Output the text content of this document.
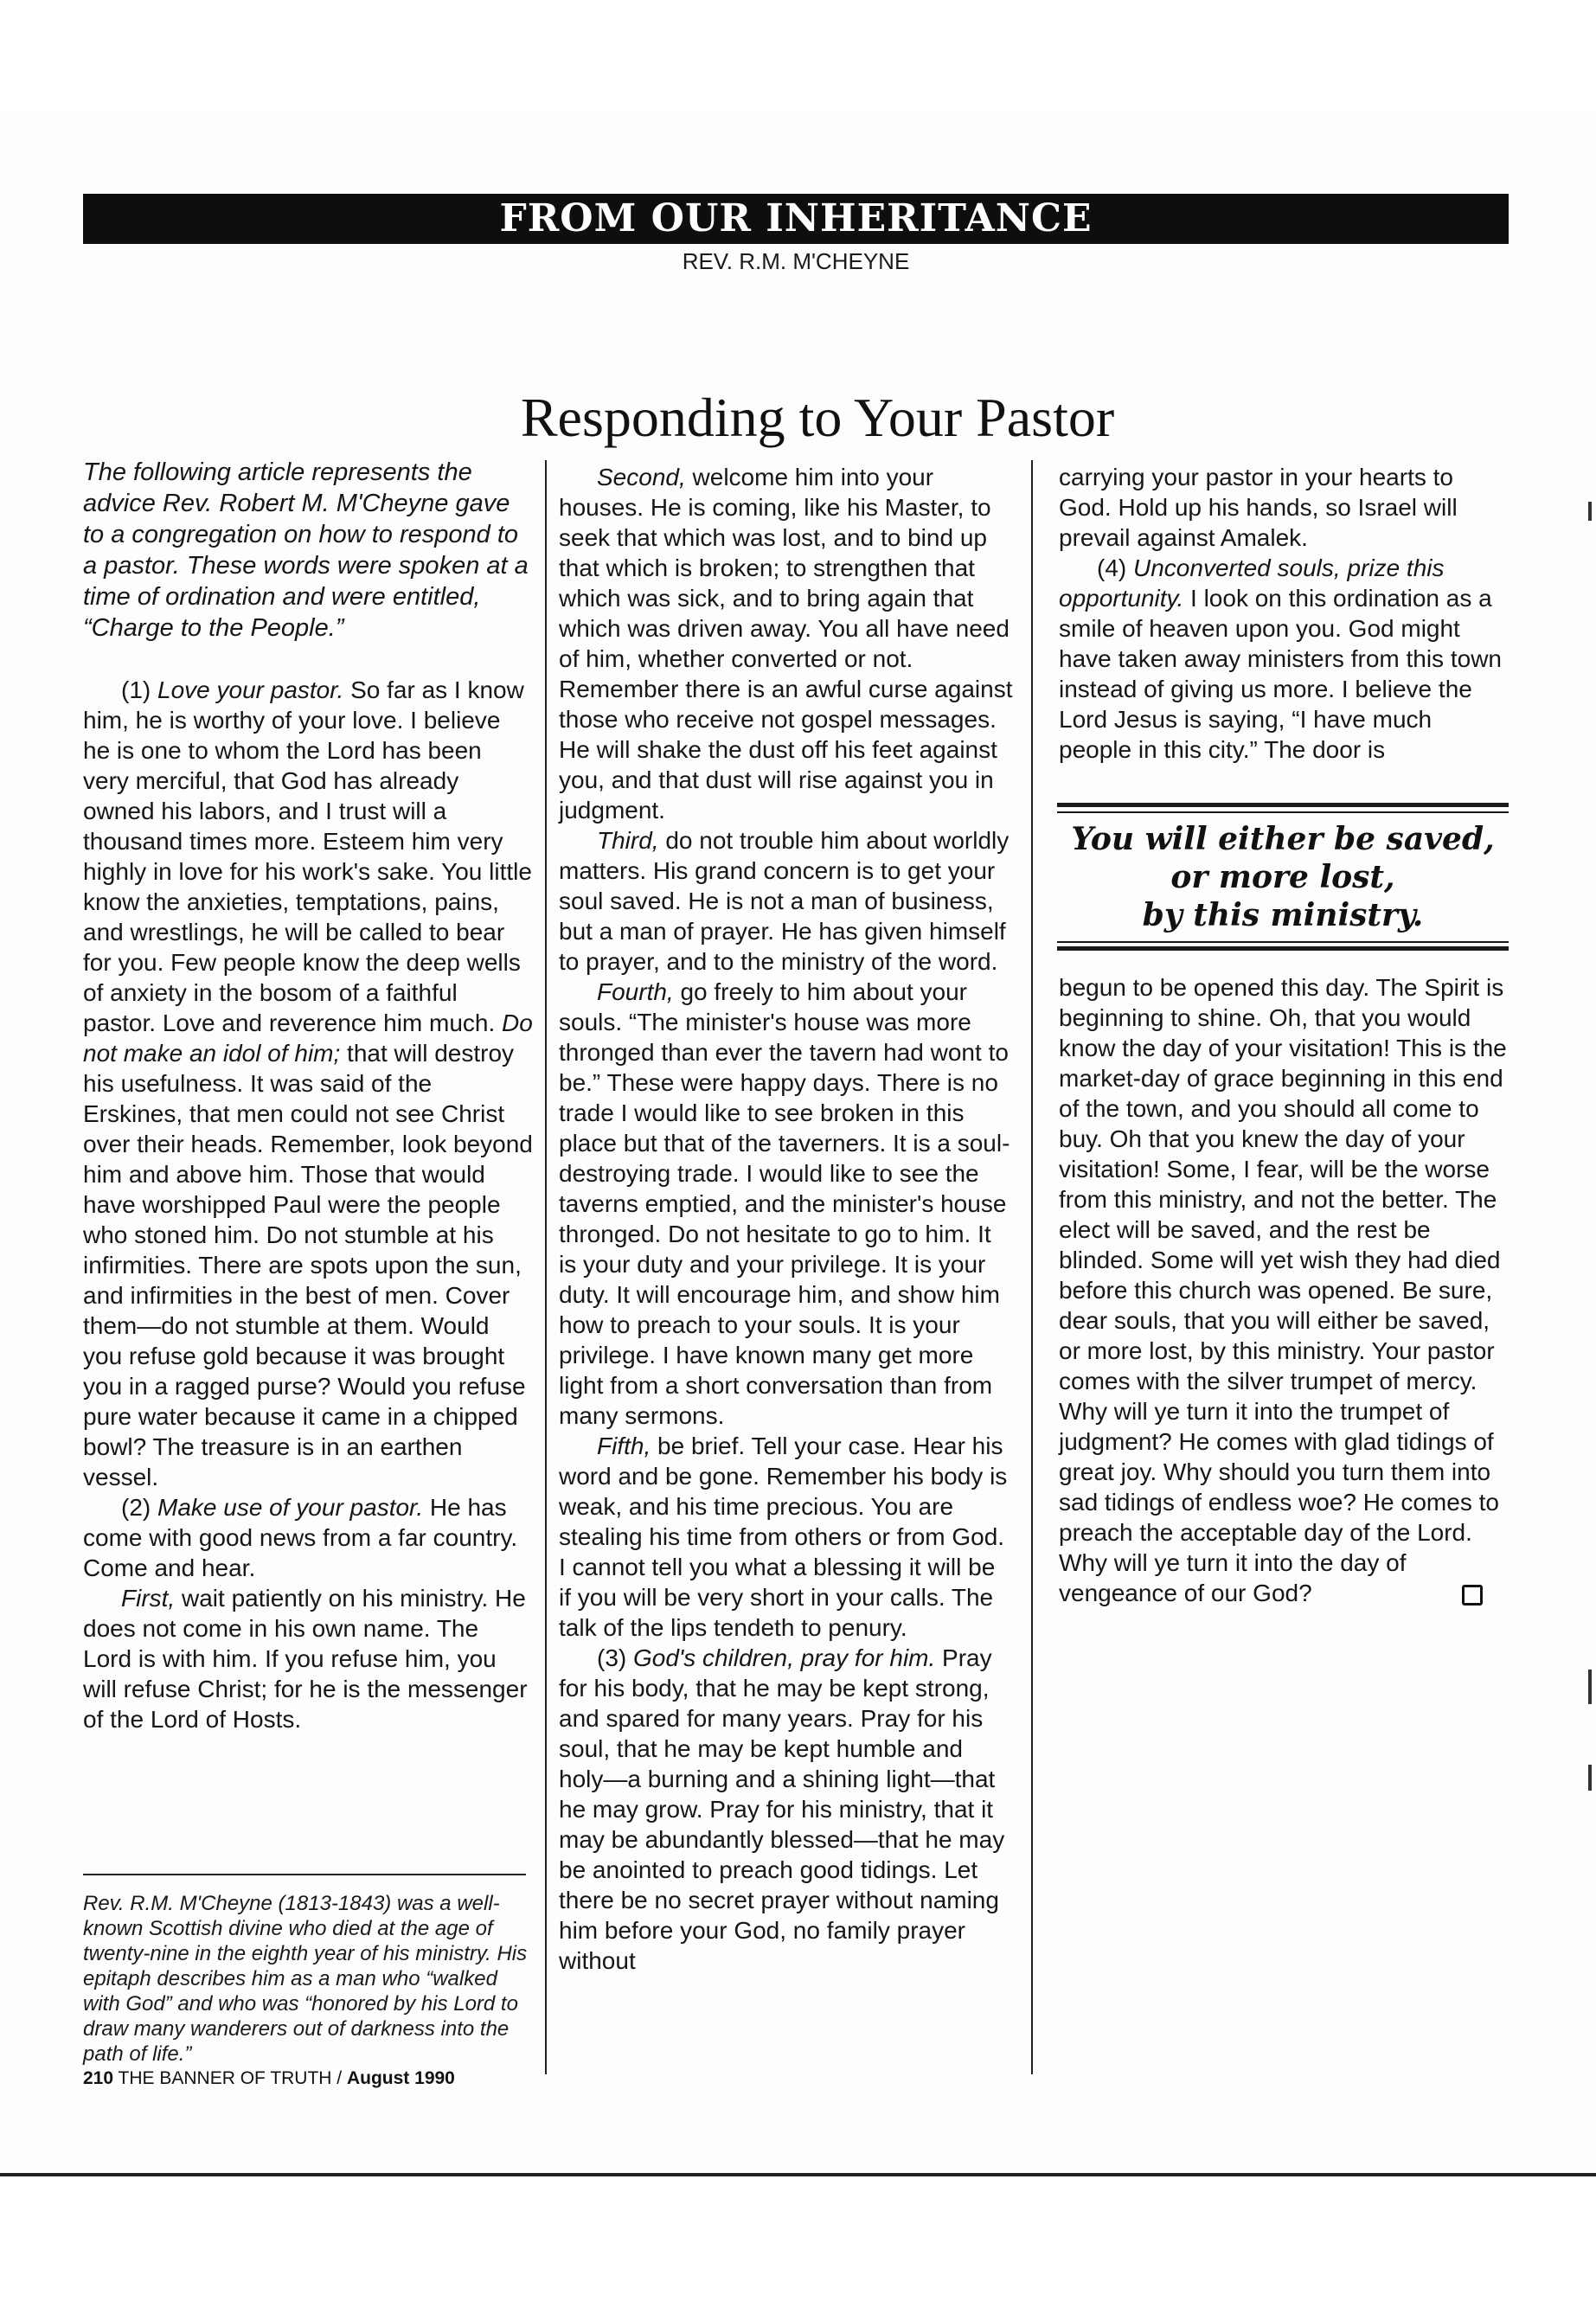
FROM OUR INHERITANCE
REV. R.M. M'CHEYNE
Responding to Your Pastor

The following article represents the advice Rev. Robert M. M'Cheyne gave to a congregation on how to respond to a pastor. These words were spoken at a time of ordination and were entitled, “Charge to the People.”

(1) Love your pastor. So far as I know him, he is worthy of your love. I believe he is one to whom the Lord has been very merciful, that God has already owned his labors, and I trust will a thousand times more. Esteem him very highly in love for his work's sake. You little know the anxieties, temptations, pains, and wrestlings, he will be called to bear for you. Few people know the deep wells of anxiety in the bosom of a faithful pastor. Love and reverence him much. Do not make an idol of him; that will destroy his usefulness. It was said of the Erskines, that men could not see Christ over their heads. Remember, look beyond him and above him. Those that would have worshipped Paul were the people who stoned him. Do not stumble at his infirmities. There are spots upon the sun, and infirmities in the best of men. Cover them—do not stumble at them. Would you refuse gold because it was brought you in a ragged purse? Would you refuse pure water because it came in a chipped bowl? The treasure is in an earthen vessel.

(2) Make use of your pastor. He has come with good news from a far country. Come and hear.

First, wait patiently on his ministry. He does not come in his own name. The Lord is with him. If you refuse him, you will refuse Christ; for he is the messenger of the Lord of Hosts.

Second, welcome him into your houses. He is coming, like his Master, to seek that which was lost, and to bind up that which is broken; to strengthen that which was sick, and to bring again that which was driven away. You all have need of him, whether converted or not. Remember there is an awful curse against those who receive not gospel messages. He will shake the dust off his feet against you, and that dust will rise against you in judgment.

Third, do not trouble him about worldly matters. His grand concern is to get your soul saved. He is not a man of business, but a man of prayer. He has given himself to prayer, and to the ministry of the word.

Fourth, go freely to him about your souls. “The minister's house was more thronged than ever the tavern had wont to be.” These were happy days. There is no trade I would like to see broken in this place but that of the taverners. It is a soul-destroying trade. I would like to see the taverns emptied, and the minister's house thronged. Do not hesitate to go to him. It is your duty and your privilege. It is your duty. It will encourage him, and show him how to preach to your souls. It is your privilege. I have known many get more light from a short conversation than from many sermons.

Fifth, be brief. Tell your case. Hear his word and be gone. Remember his body is weak, and his time precious. You are stealing his time from others or from God. I cannot tell you what a blessing it will be if you will be very short in your calls. The talk of the lips tendeth to penury.

(3) God's children, pray for him. Pray for his body, that he may be kept strong, and spared for many years. Pray for his soul, that he may be kept humble and holy—a burning and a shining light—that he may grow. Pray for his ministry, that it may be abundantly blessed—that he may be anointed to preach good tidings. Let there be no secret prayer without naming him before your God, no family prayer without

carrying your pastor in your hearts to God. Hold up his hands, so Israel will prevail against Amalek.

(4) Unconverted souls, prize this opportunity. I look on this ordination as a smile of heaven upon you. God might have taken away ministers from this town instead of giving us more. I believe the Lord Jesus is saying, “I have much people in this city.” The door is

You will either be saved,
or more lost,
by this ministry.

begun to be opened this day. The Spirit is beginning to shine. Oh, that you would know the day of your visitation! This is the market-day of grace beginning in this end of the town, and you should all come to buy. Oh that you knew the day of your visitation! Some, I fear, will be the worse from this ministry, and not the better. The elect will be saved, and the rest be blinded. Some will yet wish they had died before this church was opened. Be sure, dear souls, that you will either be saved, or more lost, by this ministry. Your pastor comes with the silver trumpet of mercy. Why will ye turn it into the trumpet of judgment? He comes with glad tidings of great joy. Why should you turn them into sad tidings of endless woe? He comes to preach the acceptable day of the Lord. Why will ye turn it into the day of vengeance of our God?

Rev. R.M. M'Cheyne (1813-1843) was a well-known Scottish divine who died at the age of twenty-nine in the eighth year of his ministry. His epitaph describes him as a man who “walked with God” and who was “honored by his Lord to draw many wanderers out of darkness into the path of life.”
210 THE BANNER OF TRUTH / August 1990
